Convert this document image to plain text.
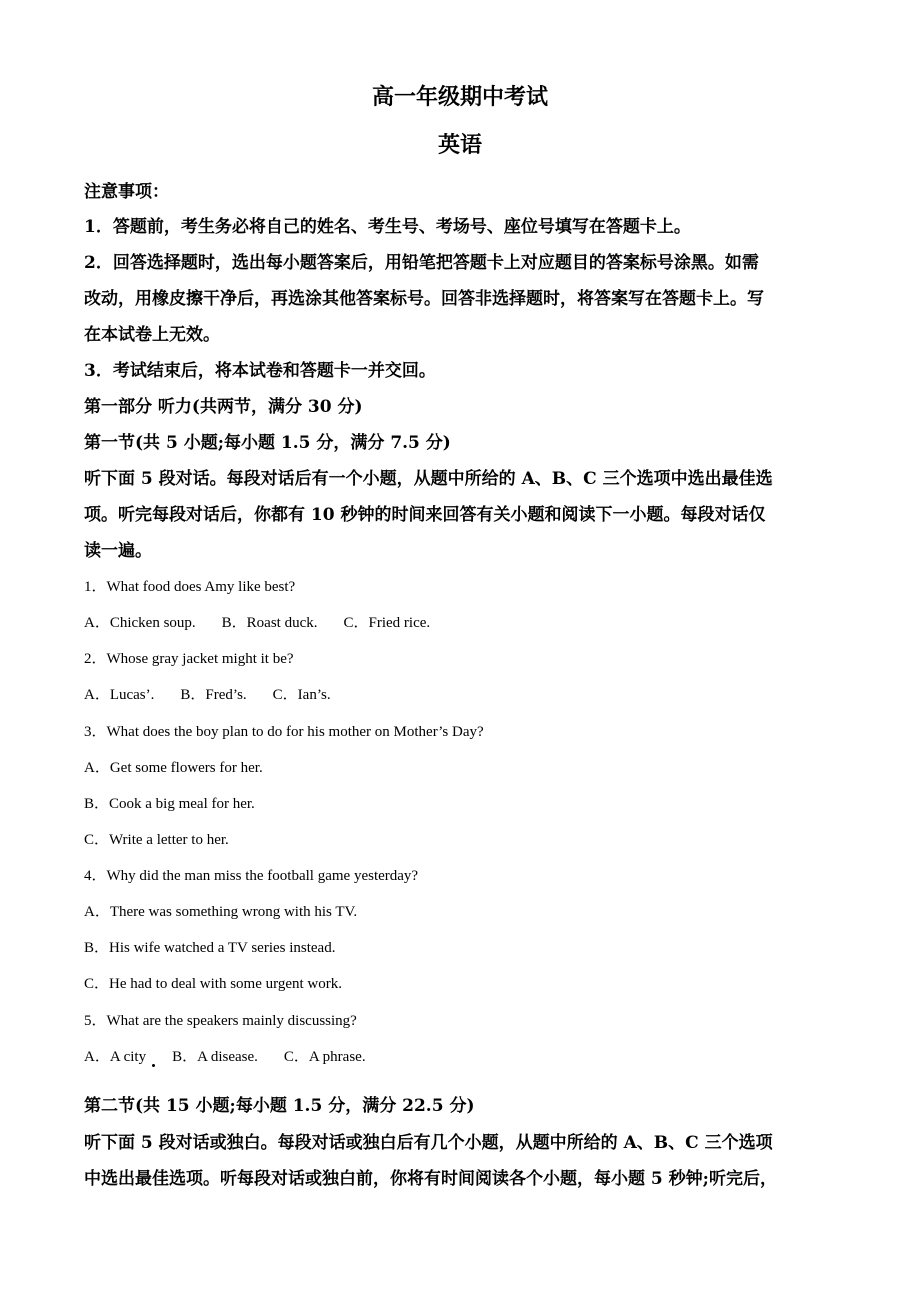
高一年级期中考试
英语
注意事项：
1．答题前，考生务必将自己的姓名、考生号、考场号、座位号填写在答题卡上。
2．回答选择题时，选出每小题答案后，用铅笔把答题卡上对应题目的答案标号涂黑。如需
改动，用橡皮擦干净后，再选涂其他答案标号。回答非选择题时，将答案写在答题卡上。写
在本试卷上无效。
3．考试结束后，将本试卷和答题卡一并交回。
第一部分 听力(共两节，满分 30 分)
第一节(共 5 小题;每小题 1.5 分，满分 7.5 分)
听下面 5 段对话。每段对话后有一个小题，从题中所给的 A、B、C 三个选项中选出最佳选
项。听完每段对话后，你都有 10 秒钟的时间来回答有关小题和阅读下一小题。每段对话仅
读一遍。
1．What food does Amy like best?
A．Chicken soup. B．Roast duck. C．Fried rice.
2．Whose gray jacket might it be?
A．Lucas’. B．Fred’s. C．Ian’s.
3．What does the boy plan to do for his mother on Mother’s Day?
A．Get some flowers for her.
B．Cook a big meal for her.
C．Write a letter to her.
4．Why did the man miss the football game yesterday?
A．There was something wrong with his TV.
B．His wife watched a TV series instead.
C．He had to deal with some urgent work.
5．What are the speakers mainly discussing?
A．A city B．A disease. C．A phrase.
第二节(共 15 小题;每小题 1.5 分，满分 22.5 分)
听下面 5 段对话或独白。每段对话或独白后有几个小题，从题中所给的 A、B、C 三个选项
中选出最佳选项。听每段对话或独白前，你将有时间阅读各个小题，每小题 5 秒钟;听完后，
